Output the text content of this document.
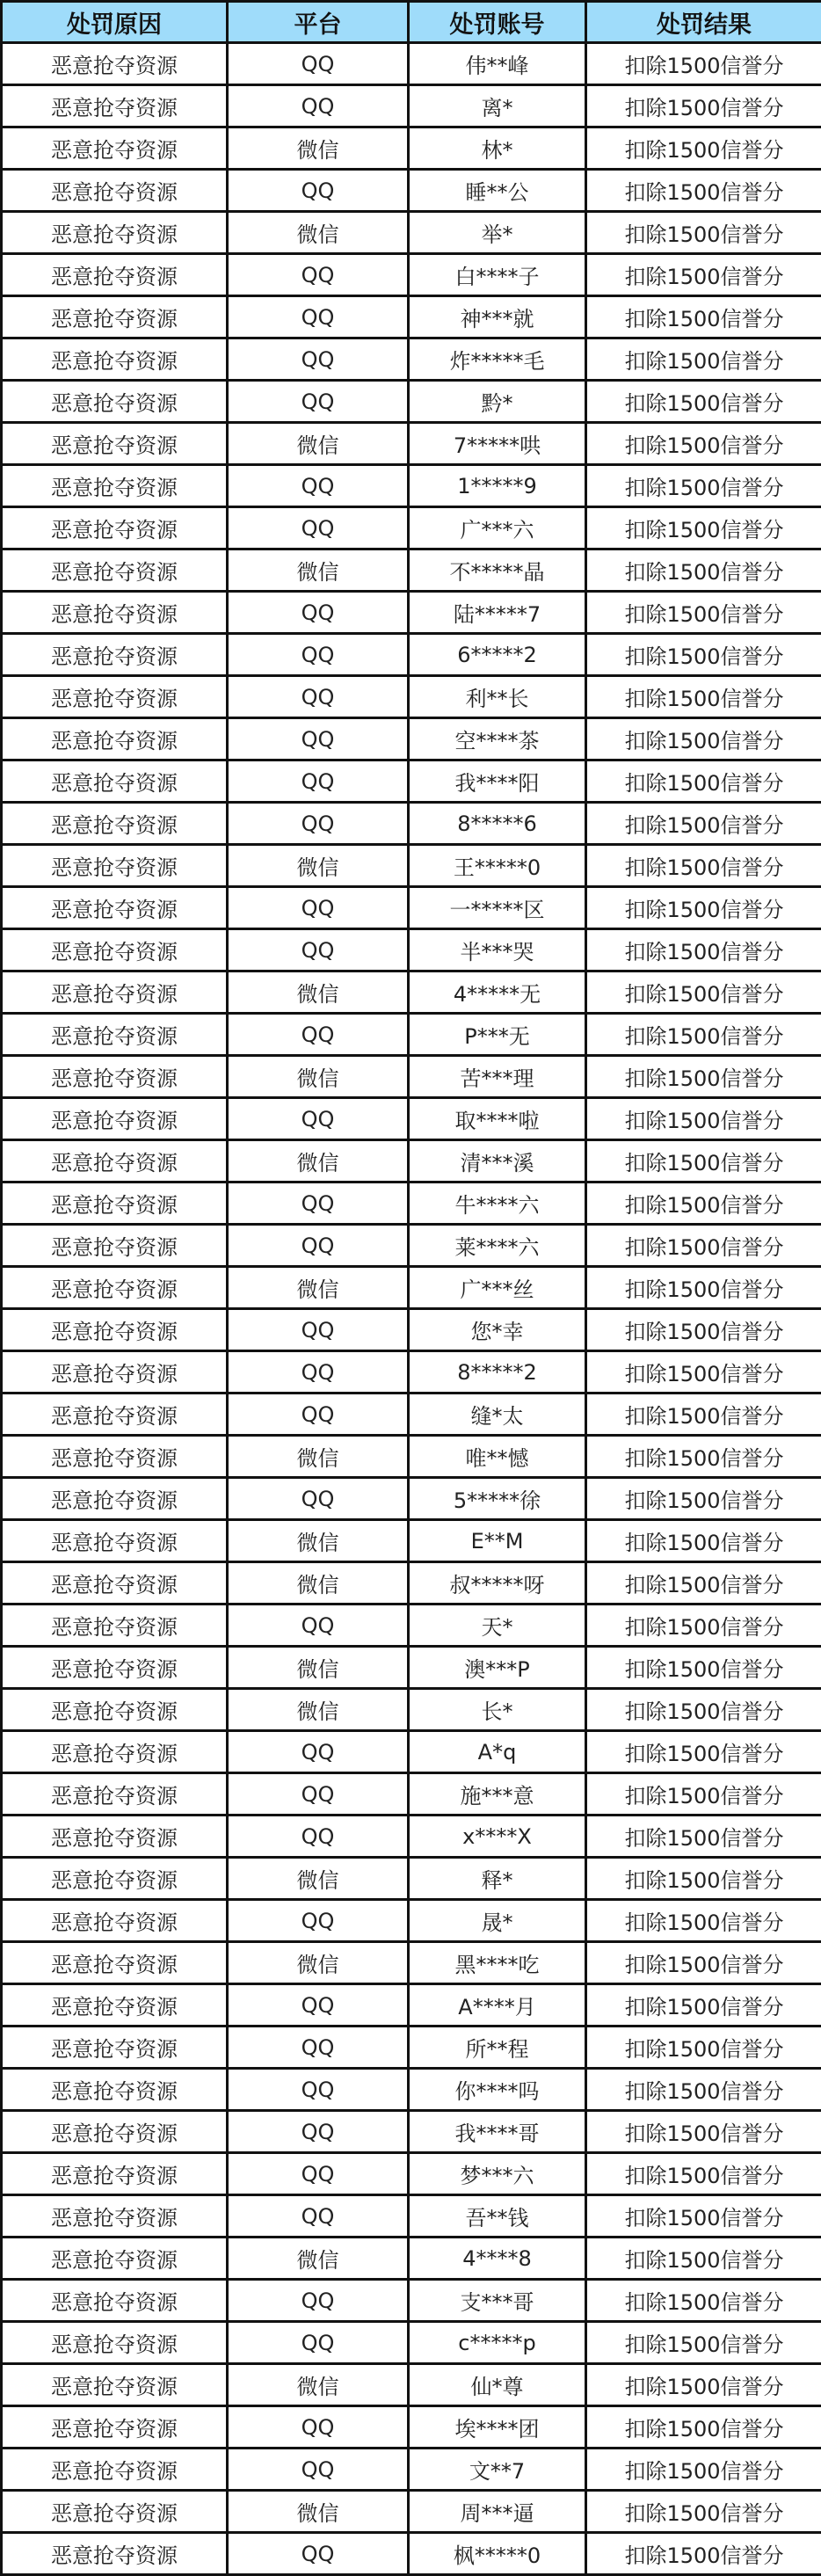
处罚原因	平台	处罚账号	处罚结果
恶意抢夺资源	QQ	伟**峰	扣除1500信誉分
恶意抢夺资源	QQ	离*	扣除1500信誉分
恶意抢夺资源	微信	林*	扣除1500信誉分
恶意抢夺资源	QQ	睡**公	扣除1500信誉分
恶意抢夺资源	微信	举*	扣除1500信誉分
恶意抢夺资源	QQ	白****子	扣除1500信誉分
恶意抢夺资源	QQ	神***就	扣除1500信誉分
恶意抢夺资源	QQ	炸*****毛	扣除1500信誉分
恶意抢夺资源	QQ	黔*	扣除1500信誉分
恶意抢夺资源	微信	7*****哄	扣除1500信誉分
恶意抢夺资源	QQ	1*****9	扣除1500信誉分
恶意抢夺资源	QQ	广***六	扣除1500信誉分
恶意抢夺资源	微信	不*****晶	扣除1500信誉分
恶意抢夺资源	QQ	陆*****7	扣除1500信誉分
恶意抢夺资源	QQ	6*****2	扣除1500信誉分
恶意抢夺资源	QQ	利**长	扣除1500信誉分
恶意抢夺资源	QQ	空****茶	扣除1500信誉分
恶意抢夺资源	QQ	我****阳	扣除1500信誉分
恶意抢夺资源	QQ	8*****6	扣除1500信誉分
恶意抢夺资源	微信	王*****0	扣除1500信誉分
恶意抢夺资源	QQ	一*****区	扣除1500信誉分
恶意抢夺资源	QQ	半***哭	扣除1500信誉分
恶意抢夺资源	微信	4*****无	扣除1500信誉分
恶意抢夺资源	QQ	P***无	扣除1500信誉分
恶意抢夺资源	微信	苦***理	扣除1500信誉分
恶意抢夺资源	QQ	取****啦	扣除1500信誉分
恶意抢夺资源	微信	清***溪	扣除1500信誉分
恶意抢夺资源	QQ	牛****六	扣除1500信誉分
恶意抢夺资源	QQ	莱****六	扣除1500信誉分
恶意抢夺资源	微信	广***丝	扣除1500信誉分
恶意抢夺资源	QQ	您*幸	扣除1500信誉分
恶意抢夺资源	QQ	8*****2	扣除1500信誉分
恶意抢夺资源	QQ	缝*太	扣除1500信誉分
恶意抢夺资源	微信	唯**憾	扣除1500信誉分
恶意抢夺资源	QQ	5*****徐	扣除1500信誉分
恶意抢夺资源	微信	E**M	扣除1500信誉分
恶意抢夺资源	微信	叔*****呀	扣除1500信誉分
恶意抢夺资源	QQ	天*	扣除1500信誉分
恶意抢夺资源	微信	澳***P	扣除1500信誉分
恶意抢夺资源	微信	长*	扣除1500信誉分
恶意抢夺资源	QQ	A*q	扣除1500信誉分
恶意抢夺资源	QQ	施***意	扣除1500信誉分
恶意抢夺资源	QQ	x****X	扣除1500信誉分
恶意抢夺资源	微信	释*	扣除1500信誉分
恶意抢夺资源	QQ	晟*	扣除1500信誉分
恶意抢夺资源	微信	黑****吃	扣除1500信誉分
恶意抢夺资源	QQ	A****月	扣除1500信誉分
恶意抢夺资源	QQ	所**程	扣除1500信誉分
恶意抢夺资源	QQ	你****吗	扣除1500信誉分
恶意抢夺资源	QQ	我****哥	扣除1500信誉分
恶意抢夺资源	QQ	梦***六	扣除1500信誉分
恶意抢夺资源	QQ	吾**钱	扣除1500信誉分
恶意抢夺资源	微信	4****8	扣除1500信誉分
恶意抢夺资源	QQ	支***哥	扣除1500信誉分
恶意抢夺资源	QQ	c*****p	扣除1500信誉分
恶意抢夺资源	微信	仙*尊	扣除1500信誉分
恶意抢夺资源	QQ	埃****团	扣除1500信誉分
恶意抢夺资源	QQ	文**7	扣除1500信誉分
恶意抢夺资源	微信	周***逼	扣除1500信誉分
恶意抢夺资源	QQ	枫*****0	扣除1500信誉分
